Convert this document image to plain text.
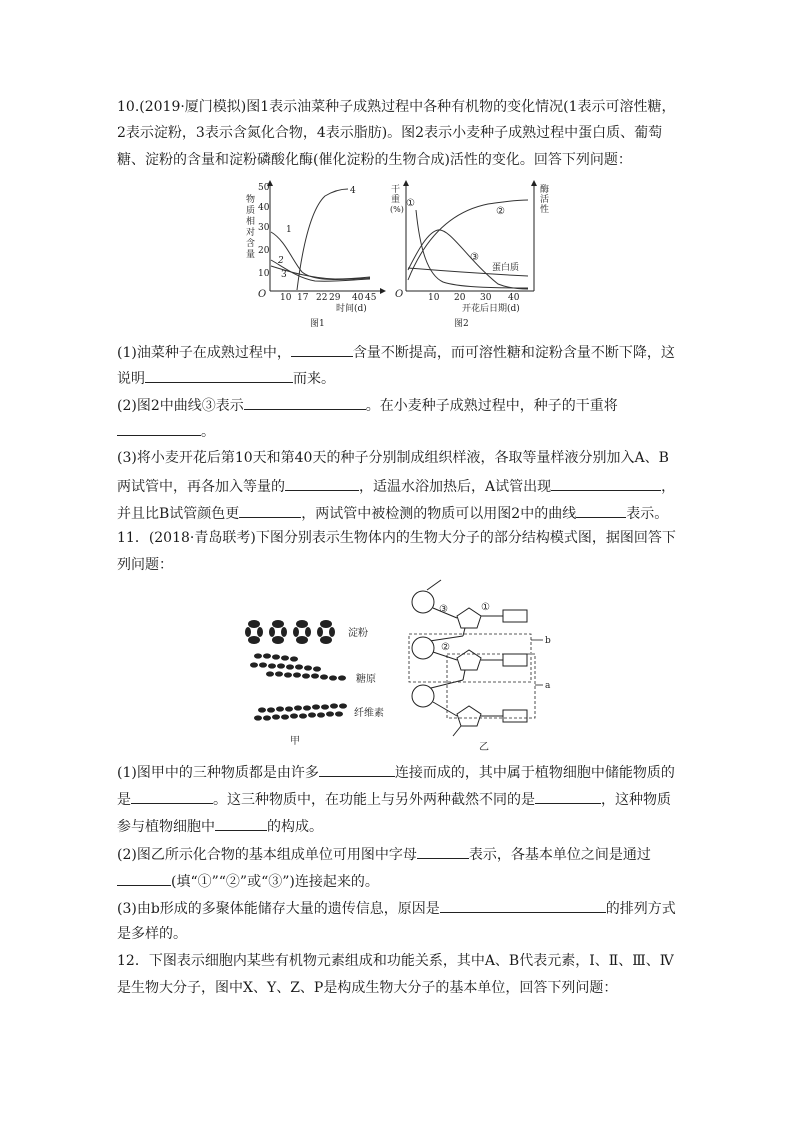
10.(2019·厦门模拟)图1表示油菜种子成熟过程中各种有机物的变化情况(1表示可溶性糖，
2表示淀粉，3表示含氮化合物，4表示脂肪)。图2表示小麦种子成熟过程中蛋白质、葡萄
糖、淀粉的含量和淀粉磷酸化酶(催化淀粉的生物合成)活性的变化。回答下列问题：
物
质
相
对
含
量
50
40
30
20
10
O 10 17 22 29 40 45
时间(d)
图1
1
2
3
4	干
重
(%)
酶
活
性
O	10 20 30 40
开花后日期(d)
图2
①
②
③
蛋白质
(1)油菜种子在成熟过程中，	含量不断提高，而可溶性糖和淀粉含量不断下降，这
说明	而来。
(2)图2中曲线③表示	。在小麦种子成熟过程中，种子的干重将
。
(3)将小麦开花后第10天和第40天的种子分别制成组织样液，各取等量样液分别加入A、B
两试管中，再各加入等量的	，适温水浴加热后，A试管出现	，
并且比B试管颜色更	，两试管中被检测的物质可以用图2中的曲线	表示。
11．(2018·青岛联考)下图分别表示生物体内的生物大分子的部分结构模式图，据图回答下
列问题：
淀粉
糖原
纤维素
甲
③	①
②
b
a
乙
(1)图甲中的三种物质都是由许多	连接而成的，其中属于植物细胞中储能物质的
是	。这三种物质中，在功能上与另外两种截然不同的是	，这种物质
参与植物细胞中	的构成。
(2)图乙所示化合物的基本组成单位可用图中字母	表示，各基本单位之间是通过
(填“①”“②”或“③”)连接起来的。
(3)由b形成的多聚体能储存大量的遗传信息，原因是	的排列方式
是多样的。
12．下图表示细胞内某些有机物元素组成和功能关系，其中A、B代表元素，Ⅰ、Ⅱ、Ⅲ、Ⅳ
是生物大分子，图中X、Y、Z、P是构成生物大分子的基本单位，回答下列问题：
